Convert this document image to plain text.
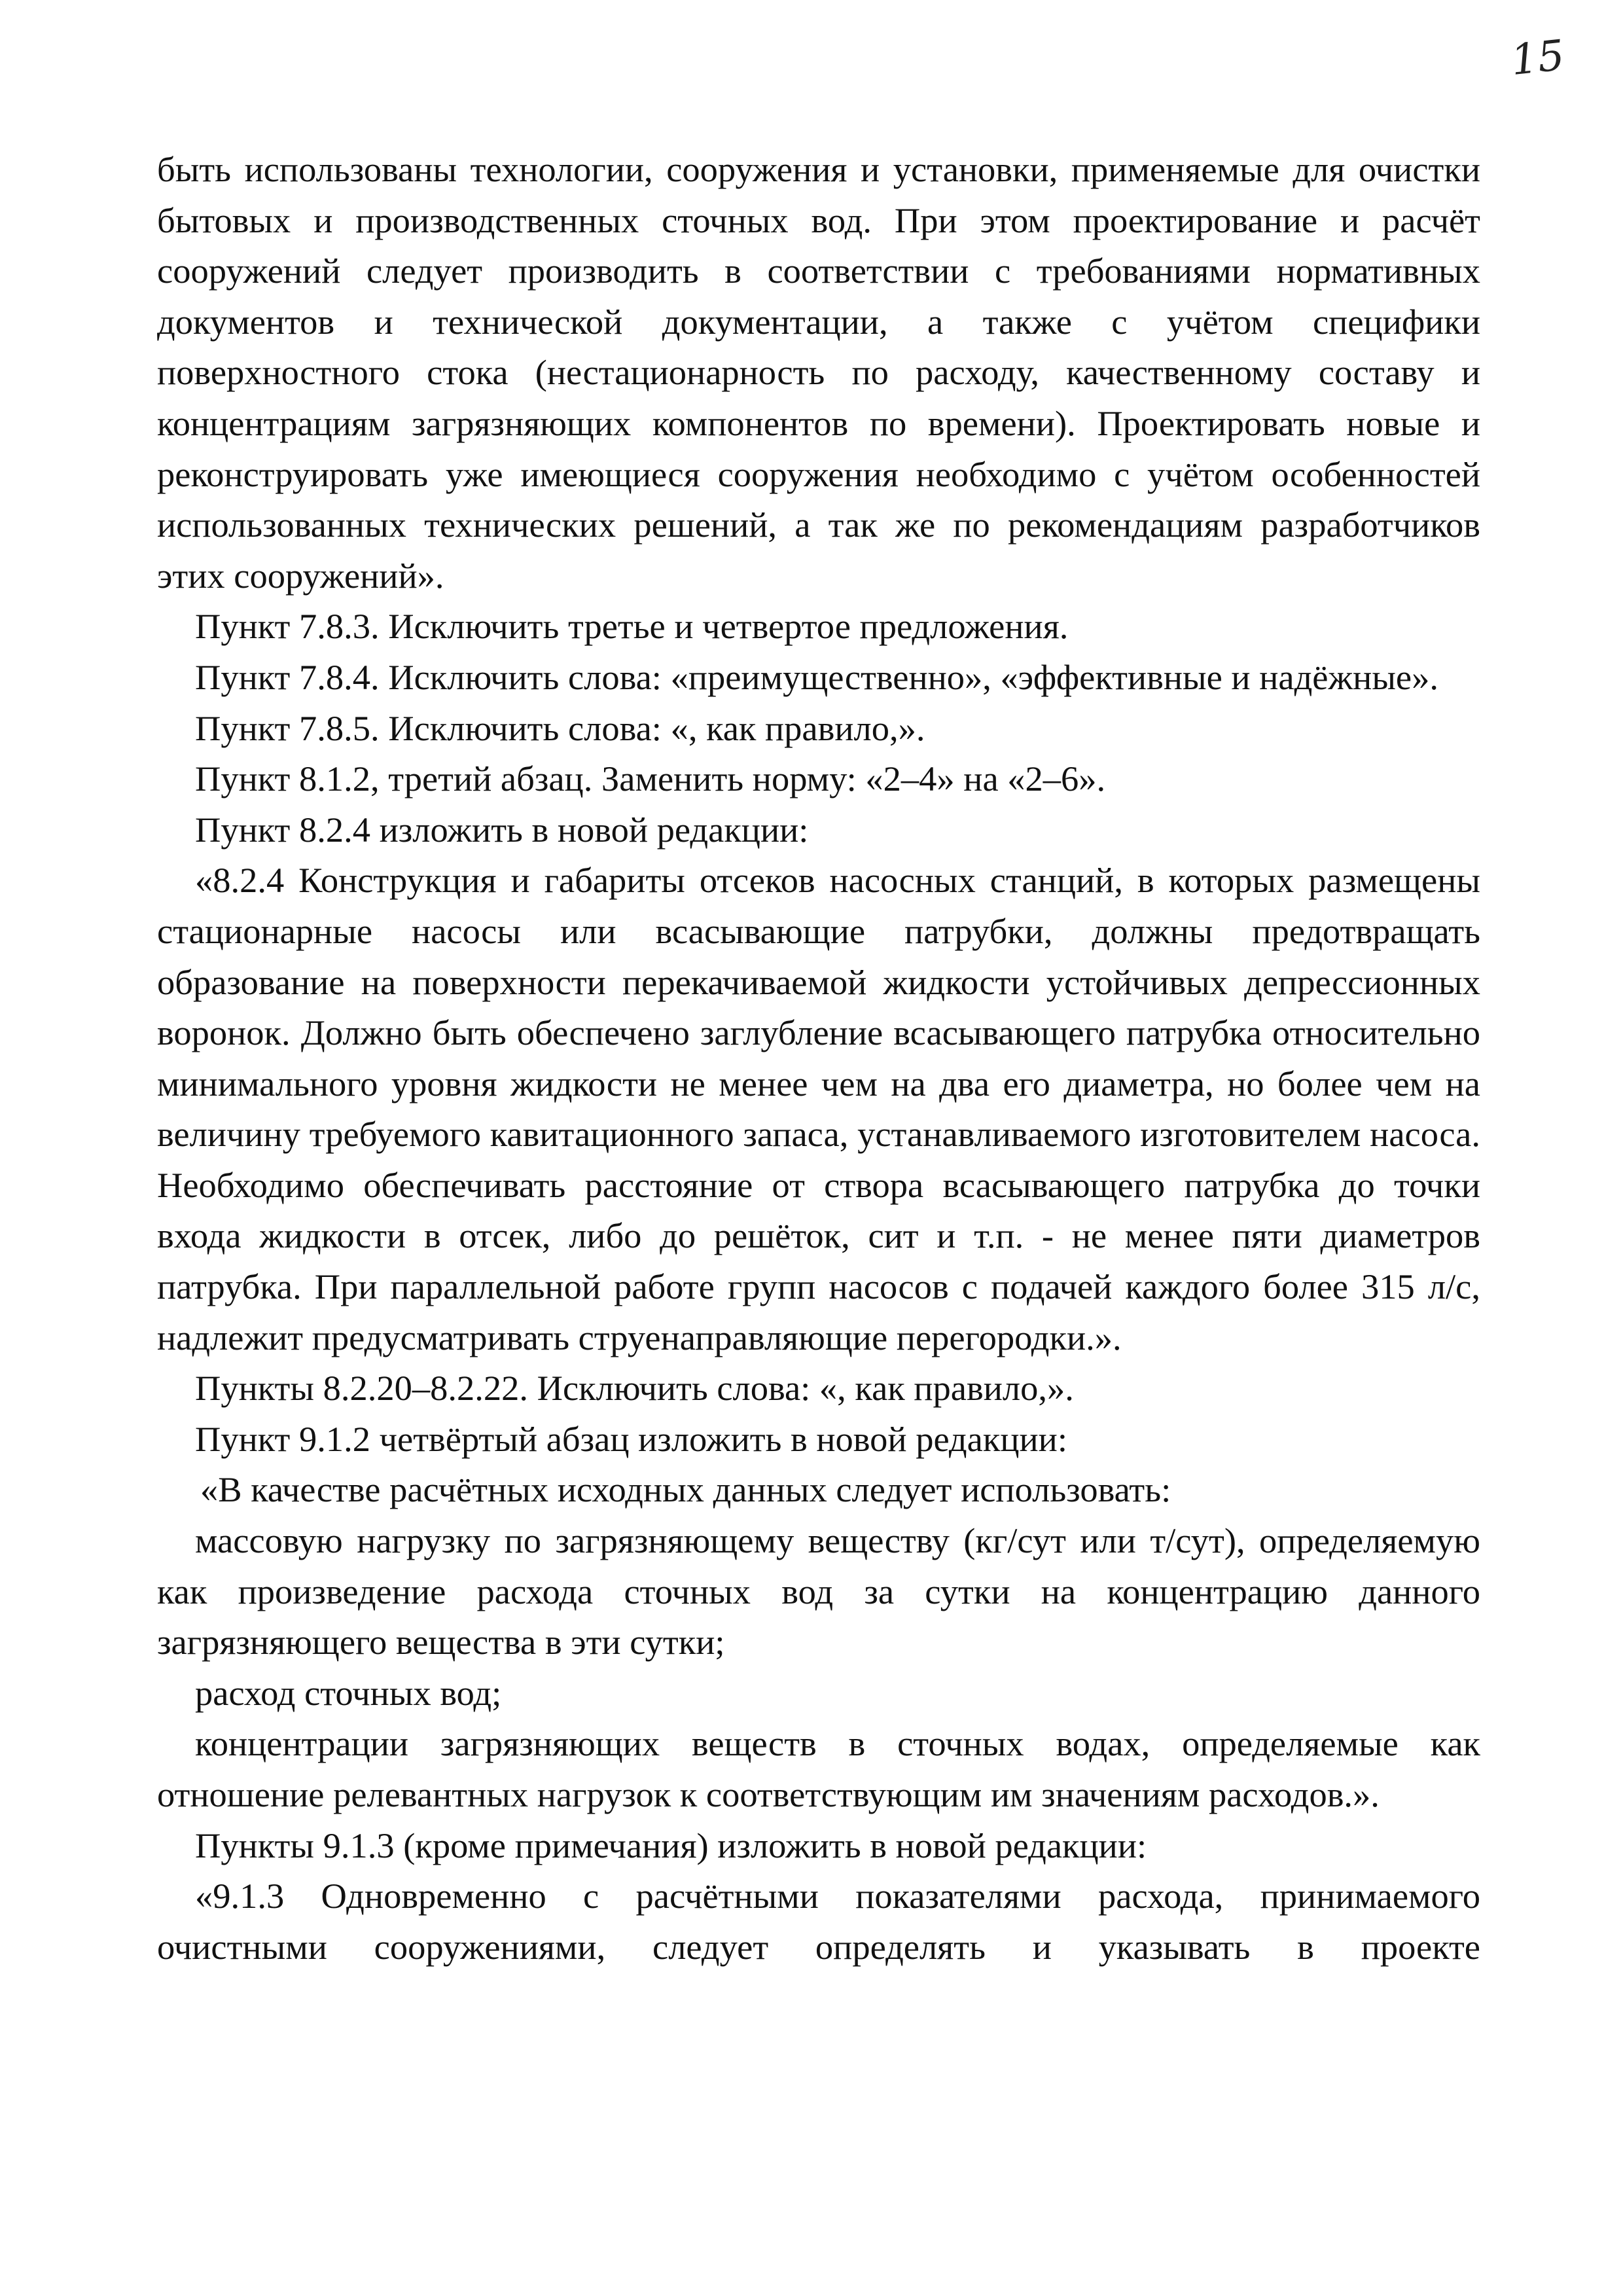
15

быть использованы технологии, сооружения и установки, применяемые для очистки бытовых и производственных сточных вод. При этом проектирование и расчёт сооружений следует производить в соответствии с требованиями нормативных документов и технической документации, а также с учётом специфики поверхностного стока (нестационарность по расходу, качественному составу и концентрациям загрязняющих компонентов по времени). Проектировать новые и реконструировать уже имеющиеся сооружения необходимо с учётом особенностей использованных технических решений, а так же по рекомендациям разработчиков этих сооружений».

Пункт 7.8.3. Исключить третье и четвертое предложения.

Пункт 7.8.4. Исключить слова: «преимущественно», «эффективные и надёжные».

Пункт 7.8.5. Исключить слова: «, как правило,».

Пункт 8.1.2, третий абзац. Заменить норму: «2–4» на «2–6».

Пункт 8.2.4 изложить в новой редакции:

«8.2.4 Конструкция и габариты отсеков насосных станций, в которых размещены стационарные насосы или всасывающие патрубки, должны предотвращать образование на поверхности перекачиваемой жидкости устойчивых депрессионных воронок. Должно быть обеспечено заглубление всасывающего патрубка относительно минимального уровня жидкости не менее чем на два его диаметра, но более чем на величину требуемого кавитационного запаса, устанавливаемого изготовителем насоса. Необходимо обеспечивать расстояние от створа всасывающего патрубка до точки входа жидкости в отсек, либо до решёток, сит и т.п. - не менее пяти диаметров патрубка. При параллельной работе групп насосов с подачей каждого более 315 л/с, надлежит предусматривать струенаправляющие перегородки.».

Пункты 8.2.20–8.2.22. Исключить слова: «, как правило,».

Пункт 9.1.2 четвёртый абзац изложить в новой редакции:

«В качестве расчётных исходных данных следует использовать:

массовую нагрузку по загрязняющему веществу (кг/сут или т/сут), определяемую как произведение расхода сточных вод за сутки на концентрацию данного загрязняющего вещества в эти сутки;

расход сточных вод;

концентрации загрязняющих веществ в сточных водах, определяемые как отношение релевантных нагрузок к соответствующим им значениям расходов.».

Пункты 9.1.3 (кроме примечания) изложить в новой редакции:

«9.1.3 Одновременно с расчётными показателями расхода, принимаемого очистными сооружениями, следует определять и указывать в проекте
